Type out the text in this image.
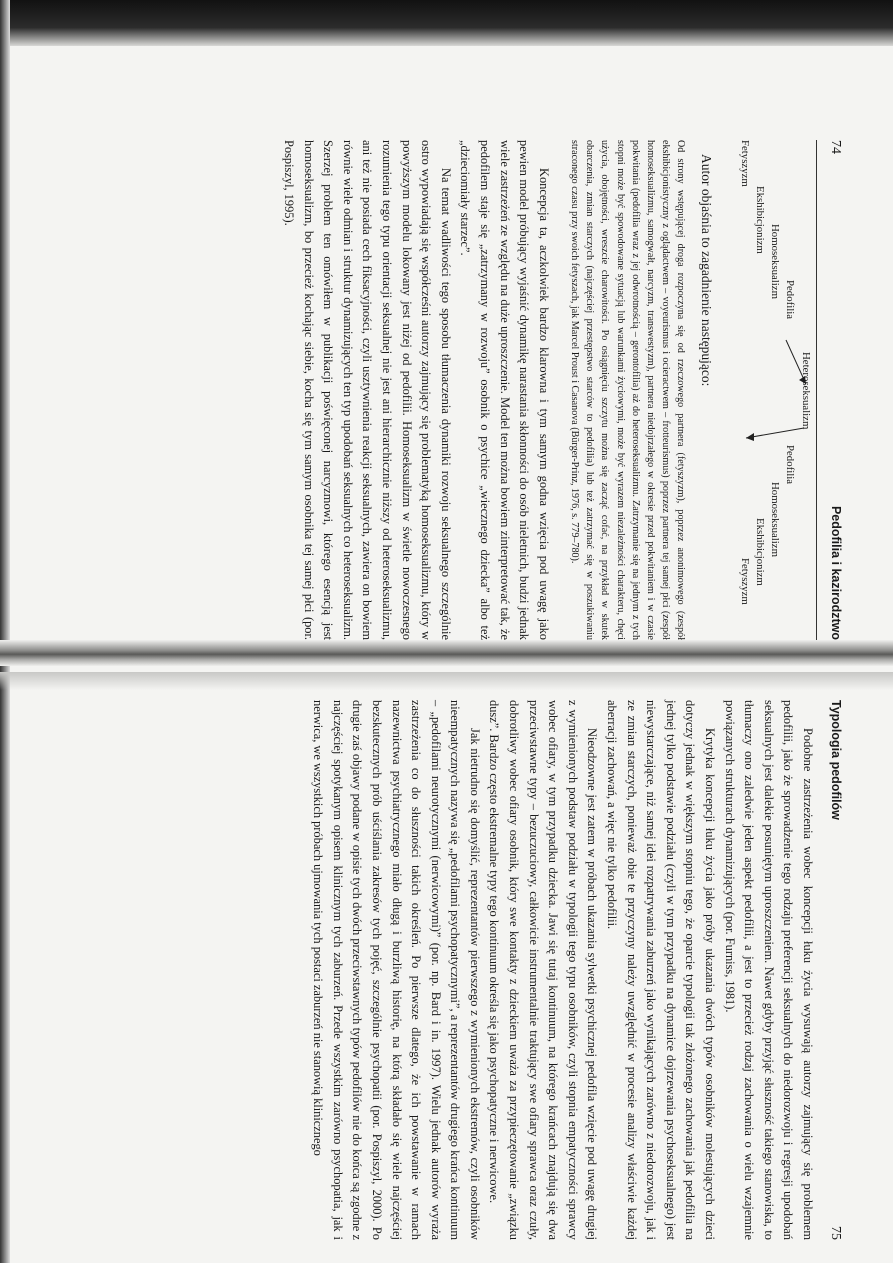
74
Pedofilia i kazirodztwo
Heteroseksualizm
Pedofilia
Homoseksualizm
Ekshibicjonizm
Fetyszyzm
Pedofilia
Homoseksualizm
Ekshibicjonizm
Fetyszyzm
Autor objaśnia to zagadnienie następująco:
Od strony wstępującej droga rozpoczyna się od rzeczowego partnera (fetyszyzm), poprzez anonimowego (zespół ekshibicjonistyczny z oglądactwem – voyeurismus i ocieractwem – frotteurismus) poprzez partnera tej samej płci (zespół homoseksualizmu, samogwałt, narcyzm, transwestyzm), partnera niedojrzałego w okresie przed pokwitaniem i w czasie pokwitania (pedofilia wraz z jej odwrotnością – gerontofilia) aż do heteroseksualizmu. Zatrzymanie się na jednym z tych stopni może być spowodowane sytuacją lub warunkami życiowymi, może być wyrazem niezależności charakteru, chęci użycia, obojętności, wreszcie charowitości. Po osiągnięciu szczytu można się zacząć cofać, na przykład w skutek obarczenia, zmian starczych (najczęściej przestępstwo starców to pedofilia) lub też zatrzymać się w poszukiwaniu straconego czasu przy swoich fetyszach, jak Marcel Proust i Casanova (Bürger-Prinz, 1976, s. 779–780).

Koncepcja ta, aczkolwiek bardzo klarowna i tym samym godna wzięcia pod uwagę jako pewien model próbujący wyjaśnić dynamikę narastania skłonności do osób nieletnich, budzi jednak wiele zastrzeżeń ze względu na duże uproszczenie. Model ten można bowiem zinterpretować tak, że pedofilem staje się „zatrzymany w rozwoju” osobnik o psychice „wiecznego dziecka” albo też „dzieciomiały starzec”.

Na temat wadliwości tego sposobu tłumaczenia dynamiki rozwoju seksualnego szczególnie ostro wypowiadają się współcześni autorzy zajmujący się problematyką homoseksualizmu, który w powyższym modelu lokowany jest niżej od pedofilii. Homoseksualizm w świetle nowoczesnego rozumienia tego typu orientacji seksualnej nie jest ani hierarchicznie niższy od heteroseksualizmu, ani też nie posiada cech fiksacyjności, czyli usztywnienia reakcji seksualnych, zawiera on bowiem równie wiele odmian i struktur dynamizujących ten typ upodobań seksualnych co heteroseksualizm. Szerzej problem ten omówiłem w publikacji poświęconej narcyzmowi, którego esencją jest homoseksualizm, bo przecież kochając siebie, kocha się tym samym osobnika tej samej płci (por. Pospiszyl, 1995).

Typologia pedofilów
75

Podobne zastrzeżenia wobec koncepcji łuku życia wysuwają autorzy zajmujący się problemem pedofilii, jako że sprowadzenie tego rodzaju preferencji seksualnych do niedorozwoju i regresji upodobań seksualnych jest dalekie posuniętym uproszczeniem. Nawet gdyby przyjąć słuszność takiego stanowiska, to tłumaczy ono zaledwie jeden aspekt pedofilii, a jest to przecież rodzaj zachowania o wielu wzajemnie powiązanych strukturach dynamizujących (por. Furniss, 1981).

Krytyka koncepcji łuku życia jako próby ukazania dwóch typów osobników molestujących dzieci dotyczy jednak w większym stopniu tego, że oparcie typologii tak złożonego zachowania jak pedofilia na jednej tylko podstawie podziału (czyli w tym przypadku na dynamice dojrzewania psychoseksualnego) jest niewystarczające, niż samej idei rozpatrywania zaburzeń jako wynikających zarówno z niedorozwoju, jak i ze zmian starczych, ponieważ obie te przyczyny należy uwzględnić w procesie analizy właściwie każdej aberracji zachowań, a więc nie tylko pedofilii.

Nieodzowne jest zatem w próbach ukazania sylwetki psychicznej pedofila wzięcie pod uwagę drugiej z wymienionych podstaw podziału w typologii tego typu osobników, czyli stopnia empatyczności sprawcy wobec ofiary, w tym przypadku dziecka. Jawi się tutaj kontinuum, na którego krańcach znajdują się dwa przeciwstawne typy – bezuczuciowy, całkowicie instrumentalnie traktujący swe ofiary sprawca oraz czuły, dobrotliwy wobec ofiary osobnik, który swe kontakty z dzieckiem uważa za przypieczętowanie „związku dusz”. Bardzo często ekstremalne typy tego kontinuum określa się jako psychopatyczne i nerwicowe.

Jak nietrudno się domyślić, reprezentantów pierwszego z wymienionych ekstremów, czyli osobników nieempatycznych nazywa się „pedofilami psychopatycznymi”, a reprezentantów drugiego krańca kontinuum – „pedofilami neurotycznymi (nerwicowymi)” (por. np. Bard i in. 1997). Wielu jednak autorów wyraża zastrzeżenia co do słuszności takich określeń. Po pierwsze dlatego, że ich powstawanie w ramach nazewnictwa psychiatrycznego miało długą i burzliwą historię, na którą składało się wiele najczęściej bezskutecznych prób uściślania zakresów tych pojęć, szczególnie psychopatii (por. Pospiszyl, 2000). Po drugie zaś objawy podane w opisie tych dwóch przeciwstawnych typów pedofilów nie do końca są zgodne z najczęściej spotykanym opisem klinicznym tych zaburzeń. Przede wszystkim zarówno psychopatia, jak i nerwica, we wszystkich próbach ujmowania tych postaci zaburzeń nie stanowią klinicznego
